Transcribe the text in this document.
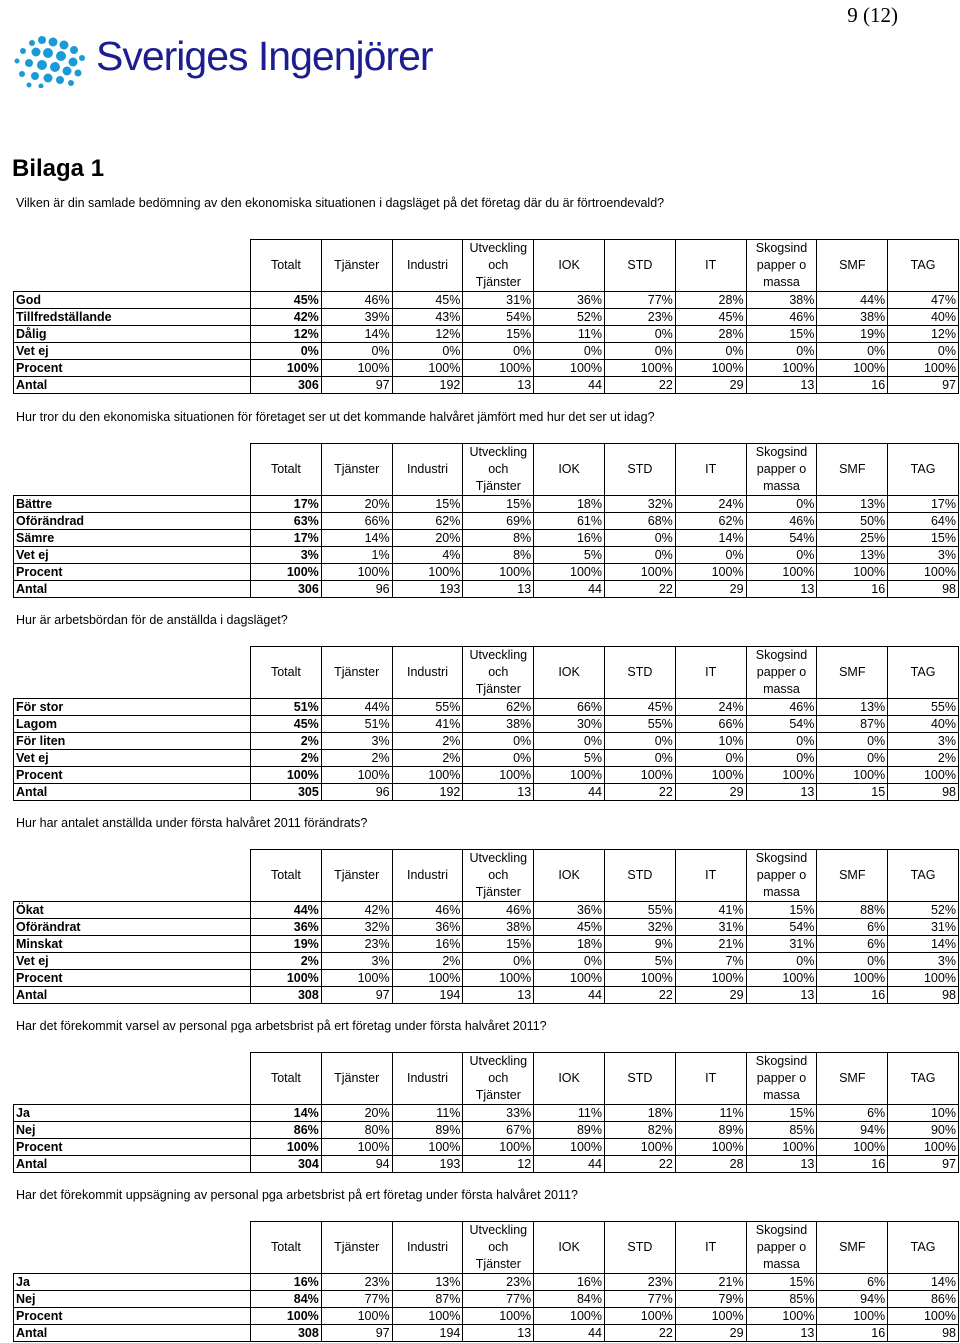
9 (12)
Sveriges Ingenjörer
Bilaga 1
Vilken är din samlade bedömning av den ekonomiska situationen i dagsläget på det företag där du är förtroendevald?
	Totalt	Tjänster	Industri	Utveckling och Tjänster	IOK	STD	IT	Skogsind papper o massa	SMF	TAG
God	45%	46%	45%	31%	36%	77%	28%	38%	44%	47%
Tillfredställande	42%	39%	43%	54%	52%	23%	45%	46%	38%	40%
Dålig	12%	14%	12%	15%	11%	0%	28%	15%	19%	12%
Vet ej	0%	0%	0%	0%	0%	0%	0%	0%	0%	0%
Procent	100%	100%	100%	100%	100%	100%	100%	100%	100%	100%
Antal	306	97	192	13	44	22	29	13	16	97
Hur tror du den ekonomiska situationen för företaget ser ut det kommande halvåret jämfört med hur det ser ut idag?
	Totalt	Tjänster	Industri	Utveckling och Tjänster	IOK	STD	IT	Skogsind papper o massa	SMF	TAG
Bättre	17%	20%	15%	15%	18%	32%	24%	0%	13%	17%
Oförändrad	63%	66%	62%	69%	61%	68%	62%	46%	50%	64%
Sämre	17%	14%	20%	8%	16%	0%	14%	54%	25%	15%
Vet ej	3%	1%	4%	8%	5%	0%	0%	0%	13%	3%
Procent	100%	100%	100%	100%	100%	100%	100%	100%	100%	100%
Antal	306	96	193	13	44	22	29	13	16	98
Hur är arbetsbördan för de anställda i dagsläget?
	Totalt	Tjänster	Industri	Utveckling och Tjänster	IOK	STD	IT	Skogsind papper o massa	SMF	TAG
För stor	51%	44%	55%	62%	66%	45%	24%	46%	13%	55%
Lagom	45%	51%	41%	38%	30%	55%	66%	54%	87%	40%
För liten	2%	3%	2%	0%	0%	0%	10%	0%	0%	3%
Vet ej	2%	2%	2%	0%	5%	0%	0%	0%	0%	2%
Procent	100%	100%	100%	100%	100%	100%	100%	100%	100%	100%
Antal	305	96	192	13	44	22	29	13	15	98
Hur har antalet anställda under första halvåret 2011 förändrats?
	Totalt	Tjänster	Industri	Utveckling och Tjänster	IOK	STD	IT	Skogsind papper o massa	SMF	TAG
Ökat	44%	42%	46%	46%	36%	55%	41%	15%	88%	52%
Oförändrat	36%	32%	36%	38%	45%	32%	31%	54%	6%	31%
Minskat	19%	23%	16%	15%	18%	9%	21%	31%	6%	14%
Vet ej	2%	3%	2%	0%	0%	5%	7%	0%	0%	3%
Procent	100%	100%	100%	100%	100%	100%	100%	100%	100%	100%
Antal	308	97	194	13	44	22	29	13	16	98
Har det förekommit varsel av personal pga arbetsbrist på ert företag under första halvåret 2011?
	Totalt	Tjänster	Industri	Utveckling och Tjänster	IOK	STD	IT	Skogsind papper o massa	SMF	TAG
Ja	14%	20%	11%	33%	11%	18%	11%	15%	6%	10%
Nej	86%	80%	89%	67%	89%	82%	89%	85%	94%	90%
Procent	100%	100%	100%	100%	100%	100%	100%	100%	100%	100%
Antal	304	94	193	12	44	22	28	13	16	97
Har det förekommit uppsägning av personal pga arbetsbrist på ert företag under första halvåret 2011?
	Totalt	Tjänster	Industri	Utveckling och Tjänster	IOK	STD	IT	Skogsind papper o massa	SMF	TAG
Ja	16%	23%	13%	23%	16%	23%	21%	15%	6%	14%
Nej	84%	77%	87%	77%	84%	77%	79%	85%	94%	86%
Procent	100%	100%	100%	100%	100%	100%	100%	100%	100%	100%
Antal	308	97	194	13	44	22	29	13	16	98
